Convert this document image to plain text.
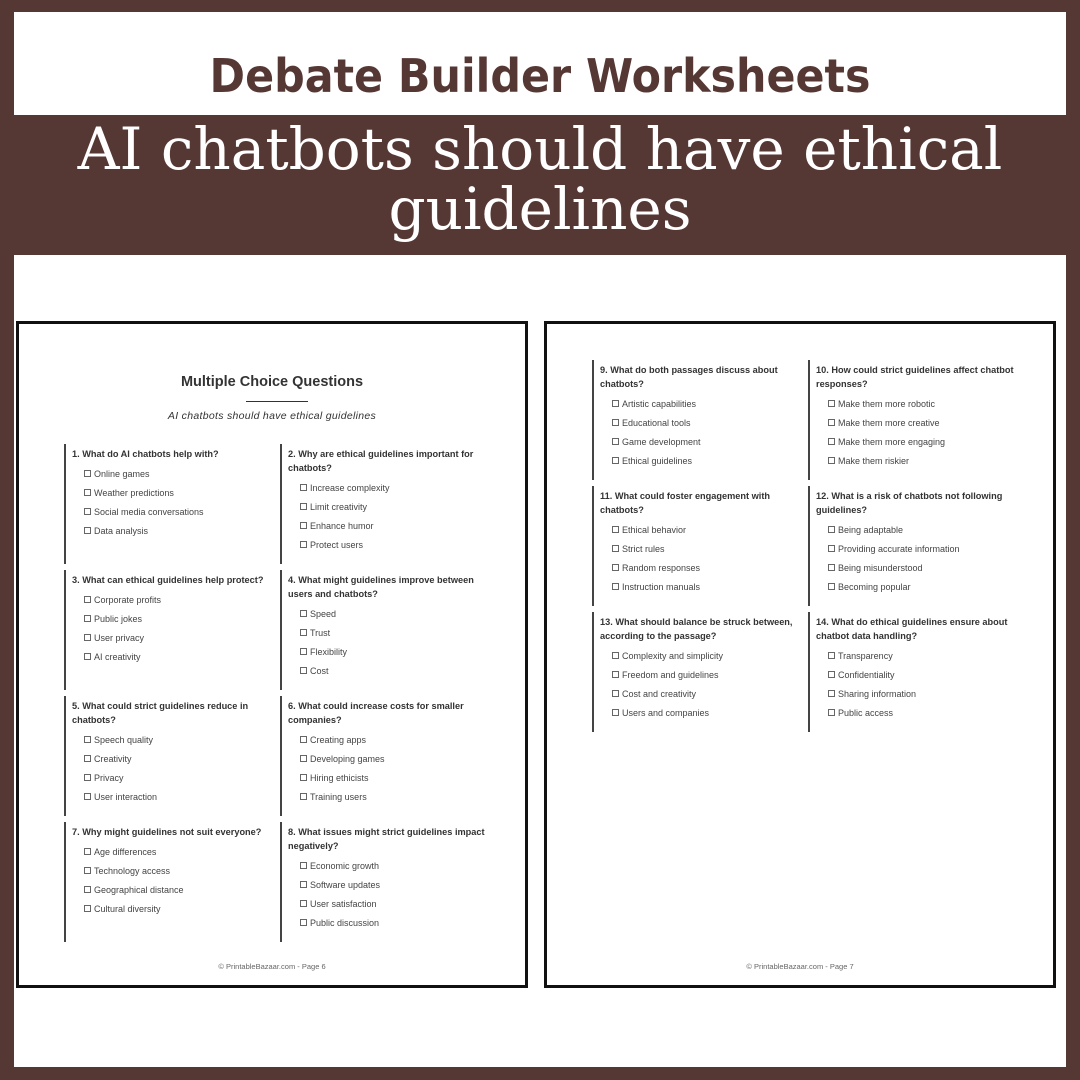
Debate Builder Worksheets
AI chatbots should have ethical guidelines
Multiple Choice Questions
AI chatbots should have ethical guidelines
© PrintableBazaar.com - Page 6
1. What do AI chatbots help with?
Online games
Weather predictions
Social media conversations
Data analysis
2. Why are ethical guidelines important for chatbots?
Increase complexity
Limit creativity
Enhance humor
Protect users
3. What can ethical guidelines help protect?
Corporate profits
Public jokes
User privacy
AI creativity
4. What might guidelines improve between users and chatbots?
Speed
Trust
Flexibility
Cost
5. What could strict guidelines reduce in chatbots?
Speech quality
Creativity
Privacy
User interaction
6. What could increase costs for smaller companies?
Creating apps
Developing games
Hiring ethicists
Training users
7. Why might guidelines not suit everyone?
Age differences
Technology access
Geographical distance
Cultural diversity
8. What issues might strict guidelines impact negatively?
Economic growth
Software updates
User satisfaction
Public discussion
© PrintableBazaar.com - Page 7
9. What do both passages discuss about chatbots?
Artistic capabilities
Educational tools
Game development
Ethical guidelines
10. How could strict guidelines affect chatbot responses?
Make them more robotic
Make them more creative
Make them more engaging
Make them riskier
11. What could foster engagement with chatbots?
Ethical behavior
Strict rules
Random responses
Instruction manuals
12. What is a risk of chatbots not following guidelines?
Being adaptable
Providing accurate information
Being misunderstood
Becoming popular
13. What should balance be struck between, according to the passage?
Complexity and simplicity
Freedom and guidelines
Cost and creativity
Users and companies
14. What do ethical guidelines ensure about chatbot data handling?
Transparency
Confidentiality
Sharing information
Public access
